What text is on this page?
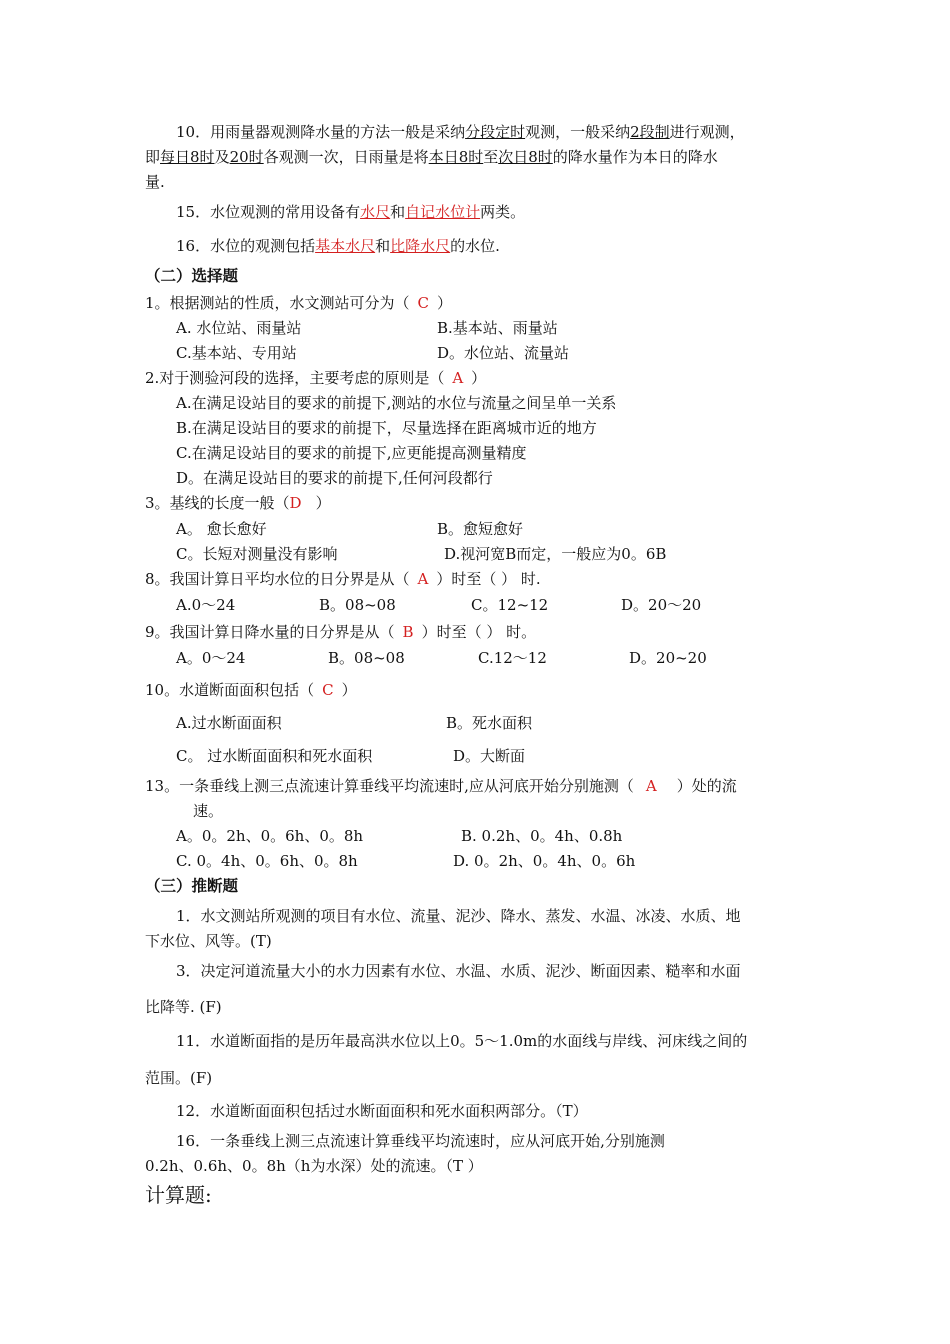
10．用雨量器观测降水量的方法一般是采纳分段定时观测，一般采纳2段制进行观测，
即每日8时及20时各观测一次，日雨量是将本日8时至次日8时的降水量作为本日的降水
量.
15．水位观测的常用设备有水尺和自记水位计两类。
16．水位的观测包括基本水尺和比降水尺的水位.
（二）选择题
1。根据测站的性质，水文测站可分为（ C ）
A. 水位站、雨量站	B.基本站、雨量站
C.基本站、专用站	D。水位站、流量站
2.对于测验河段的选择，主要考虑的原则是（ A ）
A.在满足设站目的要求的前提下,测站的水位与流量之间呈单一关系
B.在满足设站目的要求的前提下，尽量选择在距离城市近的地方
C.在满足设站目的要求的前提下,应更能提高测量精度
D。在满足设站目的要求的前提下,任何河段都行
3。基线的长度一般（D ）
A。 愈长愈好	B。愈短愈好
C。长短对测量没有影响	D.视河宽B而定，一般应为0。6B
8。我国计算日平均水位的日分界是从（ A ）时至（ ） 时.
A.0～24	B。08~08	C。12~12	D。20～20
9。我国计算日降水量的日分界是从（ B ）时至（ ） 时。
A。0～24	B。08~08	C.12～12	D。20~20
10。水道断面面积包括（ C ）
A.过水断面面积	B。死水面积
C。 过水断面面积和死水面积	D。大断面
13。一条垂线上测三点流速计算垂线平均流速时,应从河底开始分别施测（ A ）处的流
速。
A。0。2h、0。6h、0。8h	B. 0.2h、0。4h、0.8h
C. 0。4h、0。6h、0。8h	D. 0。2h、0。4h、0。6h
（三）推断题
1．水文测站所观测的项目有水位、流量、泥沙、降水、蒸发、水温、冰凌、水质、地
下水位、风等。(T)
3．决定河道流量大小的水力因素有水位、水温、水质、泥沙、断面因素、糙率和水面
比降等. (F)
11．水道断面指的是历年最高洪水位以上0。5～1.0m的水面线与岸线、河床线之间的
范围。(F)
12．水道断面面积包括过水断面面积和死水面积两部分。（T）
16．一条垂线上测三点流速计算垂线平均流速时，应从河底开始,分别施测
0.2h、0.6h、0。8h（h为水深）处的流速。（T ）
计算题:
